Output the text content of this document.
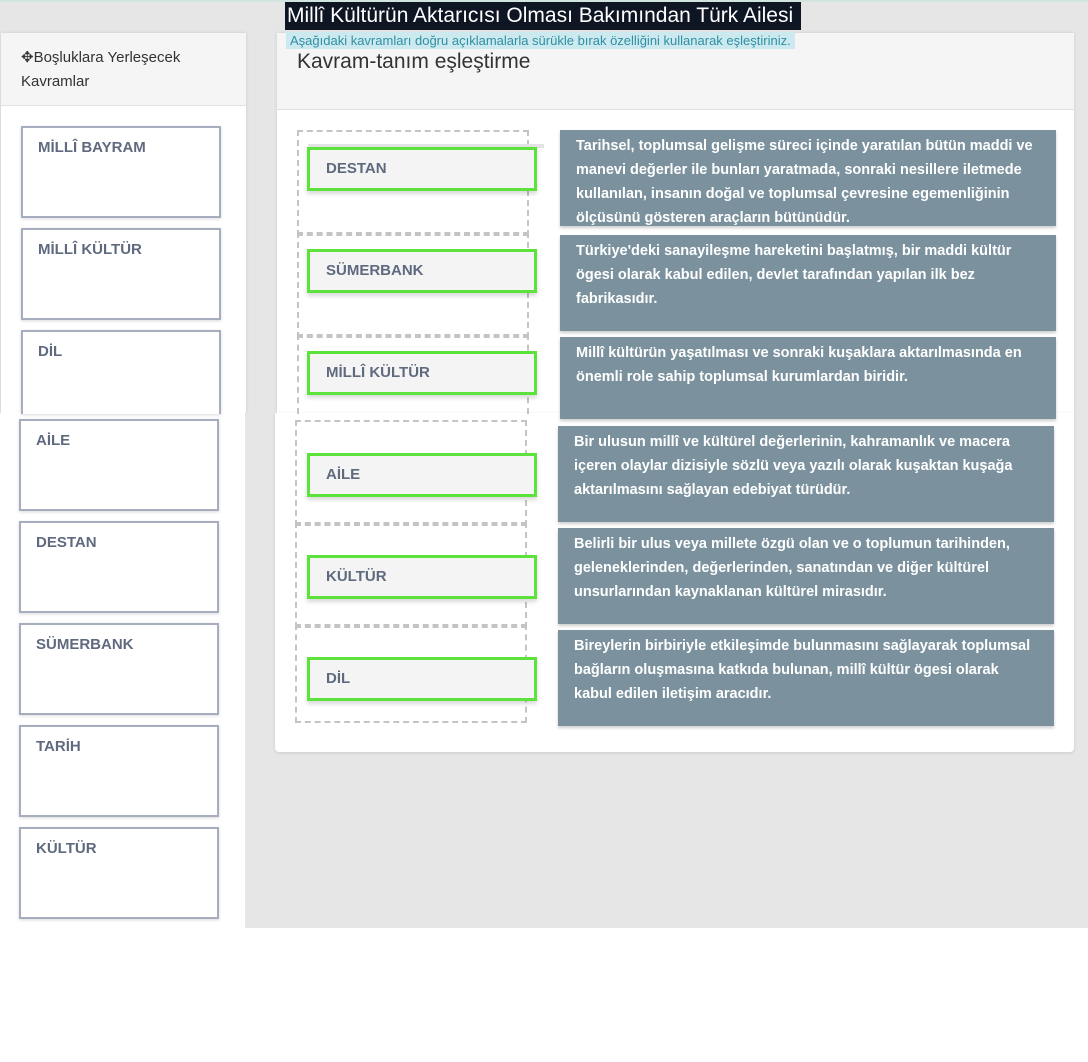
✥Boşluklara Yerleşecek Kavramlar
MİLLÎ BAYRAM
MİLLÎ KÜLTÜR
DİL
AİLE
DESTAN
SÜMERBANK
TARİH
KÜLTÜR
Kavram-tanım eşleştirme
DESTAN
SÜMERBANK
MİLLÎ KÜLTÜR
AİLE
KÜLTÜR
DİL
Tarihsel, toplumsal gelişme süreci içinde yaratılan bütün maddi ve manevi değerler ile bunları yaratmada, sonraki nesillere iletmede kullanılan, insanın doğal ve toplumsal çevresine egemenliğinin ölçüsünü gösteren araçların bütünüdür.
Türkiye'deki sanayileşme hareketini başlatmış, bir maddi kültür ögesi olarak kabul edilen, devlet tarafından yapılan ilk bez fabrikasıdır.
Millî kültürün yaşatılması ve sonraki kuşaklara aktarılmasında en önemli role sahip toplumsal kurumlardan biridir.
Bir ulusun millî ve kültürel değerlerinin, kahramanlık ve macera içeren olaylar dizisiyle sözlü veya yazılı olarak kuşaktan kuşağa aktarılmasını sağlayan edebiyat türüdür.
Belirli bir ulus veya millete özgü olan ve o toplumun tarihinden, geleneklerinden, değerlerinden, sanatından ve diğer kültürel unsurlarından kaynaklanan kültürel mirasıdır.
Bireylerin birbiriyle etkileşimde bulunmasını sağlayarak toplumsal bağların oluşmasına katkıda bulunan, millî kültür ögesi olarak kabul edilen iletişim aracıdır.
Millî Kültürün Aktarıcısı Olması Bakımından Türk Ailesi
Aşağıdaki kavramları doğru açıklamalarla sürükle bırak özelliğini kullanarak eşleştiriniz.
